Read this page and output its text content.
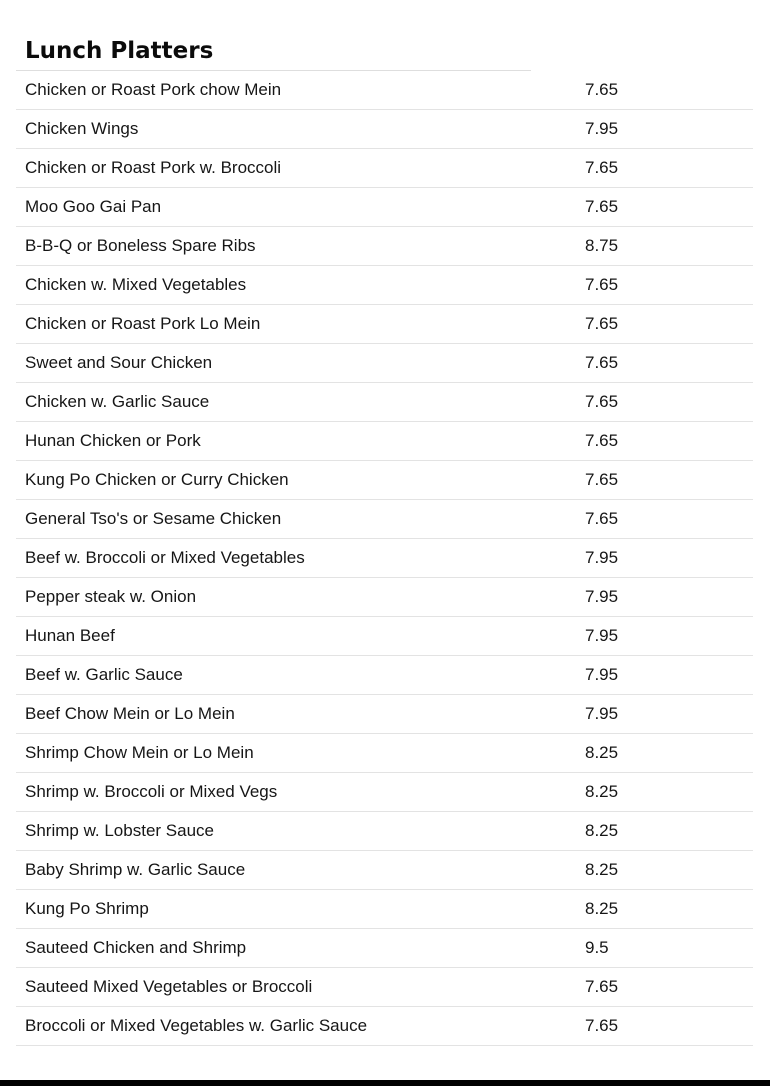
Lunch Platters
Chicken or Roast Pork chow Mein	7.65
Chicken Wings	7.95
Chicken or Roast Pork w. Broccoli	7.65
Moo Goo Gai Pan	7.65
B-B-Q or Boneless Spare Ribs	8.75
Chicken w. Mixed Vegetables	7.65
Chicken or Roast Pork Lo Mein	7.65
Sweet and Sour Chicken	7.65
Chicken w. Garlic Sauce	7.65
Hunan Chicken or Pork	7.65
Kung Po Chicken or Curry Chicken	7.65
General Tso's or Sesame Chicken	7.65
Beef w. Broccoli or Mixed Vegetables	7.95
Pepper steak w. Onion	7.95
Hunan Beef	7.95
Beef w. Garlic Sauce	7.95
Beef Chow Mein or Lo Mein	7.95
Shrimp Chow Mein or Lo Mein	8.25
Shrimp w. Broccoli or Mixed Vegs	8.25
Shrimp w. Lobster Sauce	8.25
Baby Shrimp w. Garlic Sauce	8.25
Kung Po Shrimp	8.25
Sauteed Chicken and Shrimp	9.5
Sauteed Mixed Vegetables or Broccoli	7.65
Broccoli or Mixed Vegetables w. Garlic Sauce	7.65
